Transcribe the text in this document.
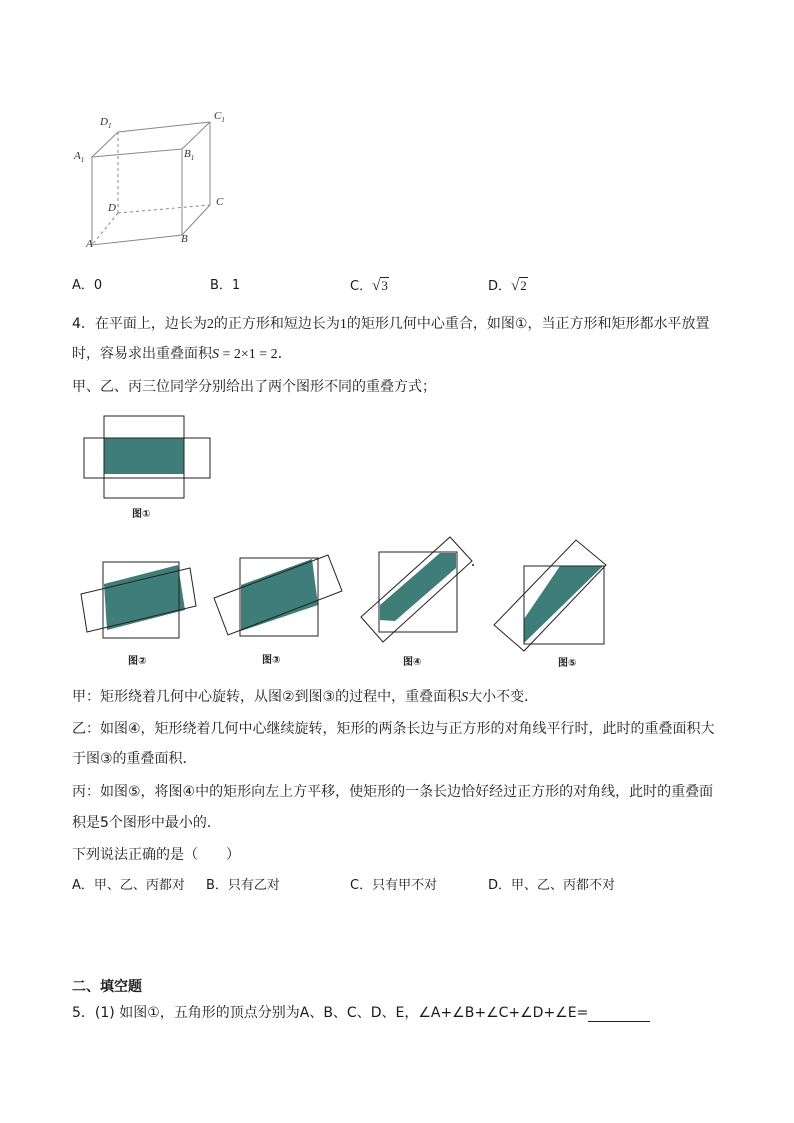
$D_1$
$C_1$
$A_1$	$B_1$
D	C
A	B
A．0	B．1	C．√3	D．√2
4．在平面上，边长为2的正方形和短边长为1的矩形几何中心重合，如图①，当正方形和矩形都水平放置
时，容易求出重叠面积S = 2×1 = 2．
甲、乙、丙三位同学分别给出了两个图形不同的重叠方式；
图①
图②	图③	图④	图⑤
甲：矩形绕着几何中心旋转，从图②到图③的过程中，重叠面积S大小不变．
乙：如图④，矩形绕着几何中心继续旋转，矩形的两条长边与正方形的对角线平行时，此时的重叠面积大
于图③的重叠面积．
丙：如图⑤，将图④中的矩形向左上方平移，使矩形的一条长边恰好经过正方形的对角线，此时的重叠面
积是5个图形中最小的．
下列说法正确的是（　　）
A．甲、乙、丙都对 B．只有乙对	C．只有甲不对	D．甲、乙、丙都不对
二、填空题
5．(1) 如图①，五角形的顶点分别为A、B、C、D、E，∠A+∠B+∠C+∠D+∠E=
